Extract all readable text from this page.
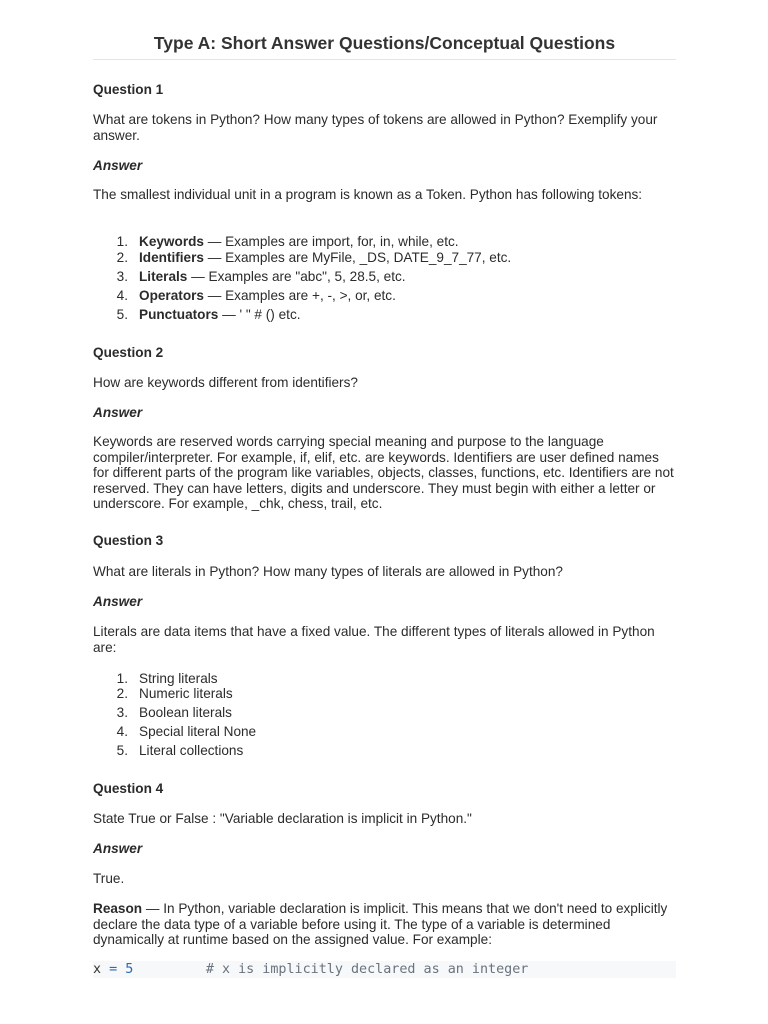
Type A: Short Answer Questions/Conceptual Questions

Question 1

What are tokens in Python? How many types of tokens are allowed in Python? Exemplify your answer.

Answer

The smallest individual unit in a program is known as a Token. Python has following tokens:

1. Keywords — Examples are import, for, in, while, etc.
2. Identifiers — Examples are MyFile, _DS, DATE_9_7_77, etc.
3. Literals — Examples are "abc", 5, 28.5, etc.
4. Operators — Examples are +, -, >, or, etc.
5. Punctuators — ' " # () etc.

Question 2

How are keywords different from identifiers?

Answer

Keywords are reserved words carrying special meaning and purpose to the language compiler/interpreter. For example, if, elif, etc. are keywords. Identifiers are user defined names for different parts of the program like variables, objects, classes, functions, etc. Identifiers are not reserved. They can have letters, digits and underscore. They must begin with either a letter or underscore. For example, _chk, chess, trail, etc.

Question 3

What are literals in Python? How many types of literals are allowed in Python?

Answer

Literals are data items that have a fixed value. The different types of literals allowed in Python are:

1. String literals
2. Numeric literals
3. Boolean literals
4. Special literal None
5. Literal collections

Question 4

State True or False : "Variable declaration is implicit in Python."

Answer

True.

Reason — In Python, variable declaration is implicit. This means that we don't need to explicitly declare the data type of a variable before using it. The type of a variable is determined dynamically at runtime based on the assigned value. For example:

x = 5	# x is implicitly declared as an integer
